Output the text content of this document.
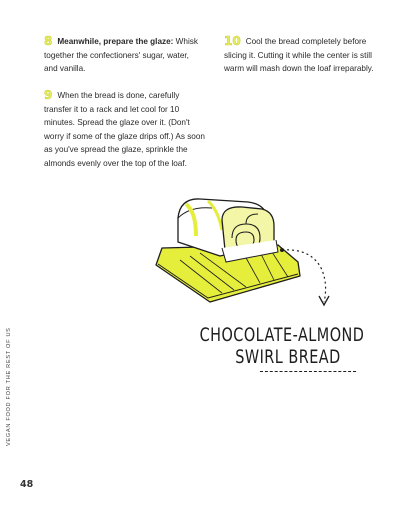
8 Meanwhile, prepare the glaze: Whisk together the confectioners' sugar, water, and vanilla.

9 When the bread is done, carefully transfer it to a rack and let cool for 10 minutes. Spread the glaze over it. (Don't worry if some of the glaze drips off.) As soon as you've spread the glaze, sprinkle the almonds evenly over the top of the loaf.

10 Cool the bread completely before slicing it. Cutting it while the center is still warm will mash down the loaf irreparably.

CHOCOLATE-ALMOND
SWIRL BREAD
VEGAN FOOD FOR THE REST OF US
48
